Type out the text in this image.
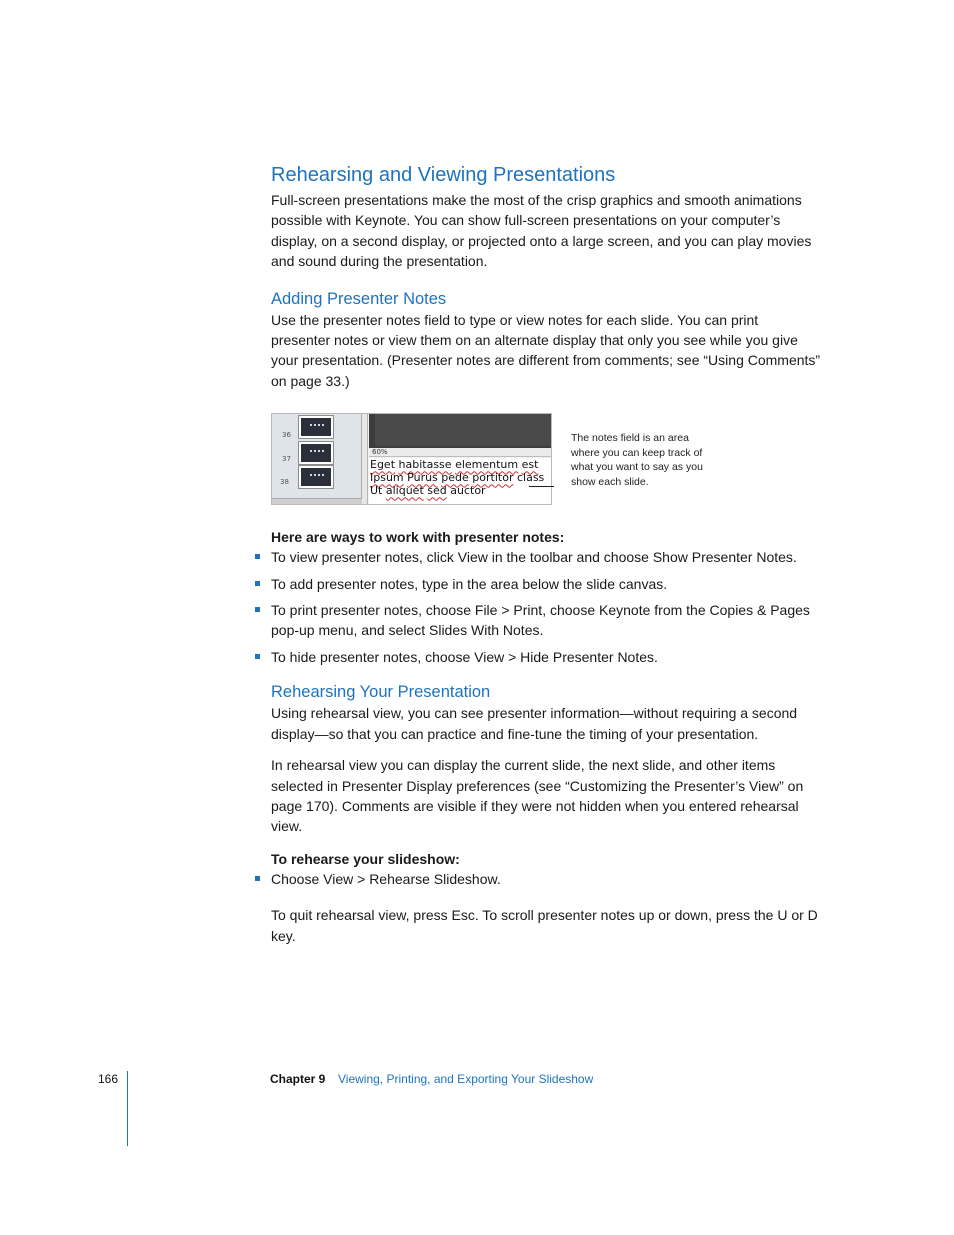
Rehearsing and Viewing Presentations

Full-screen presentations make the most of the crisp graphics and smooth animations possible with Keynote. You can show full-screen presentations on your computer’s display, on a second display, or projected onto a large screen, and you can play movies and sound during the presentation.

Adding Presenter Notes

Use the presenter notes field to type or view notes for each slide. You can print presenter notes or view them on an alternate display that only you see while you give your presentation. (Presenter notes are different from comments; see “Using Comments” on page 33.)

36
37
38
60%
Eget habitasse elementum est
Ipsum Purus pede portitor class
Ut aliquet sed auctor
The notes field is an area where you can keep track of what you want to say as you show each slide.

Here are ways to work with presenter notes:

To view presenter notes, click View in the toolbar and choose Show Presenter Notes.
To add presenter notes, type in the area below the slide canvas.
To print presenter notes, choose File > Print, choose Keynote from the Copies & Pages pop-up menu, and select Slides With Notes.
To hide presenter notes, choose View > Hide Presenter Notes.
Rehearsing Your Presentation

Using rehearsal view, you can see presenter information—without requiring a second display—so that you can practice and fine-tune the timing of your presentation.

In rehearsal view you can display the current slide, the next slide, and other items selected in Presenter Display preferences (see “Customizing the Presenter’s View” on page 170). Comments are visible if they were not hidden when you entered rehearsal view.

To rehearse your slideshow:

Choose View > Rehearse Slideshow.

To quit rehearsal view, press Esc. To scroll presenter notes up or down, press the U or D key.

166	Chapter 9 Viewing, Printing, and Exporting Your Slideshow
